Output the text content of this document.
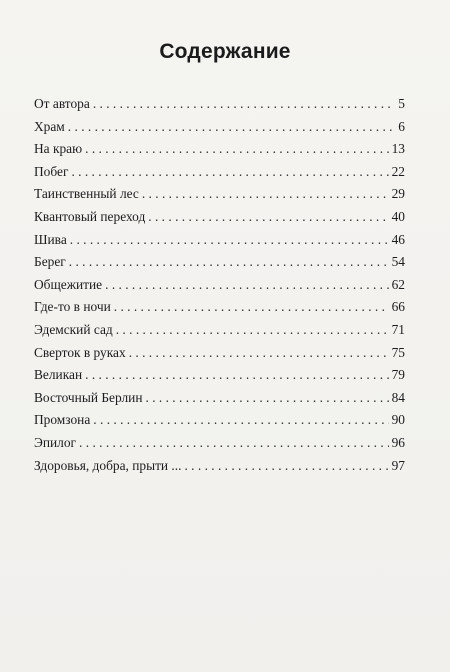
Содержание
От автора . . .	5
Храм . . .	6
На краю . . .	13
Побег . . .	22
Таинственный лес . . .	29
Квантовый переход . . .	40
Шива . . .	46
Берег . . .	54
Общежитие . . .	62
Где-то в ночи . . .	66
Эдемский сад . . .	71
Сверток в руках . . .	75
Великан . . .	79
Восточный Берлин . . .	84
Промзона . . .	90
Эпилог . . .	96
Здоровья, добра, прыти ... . . .	97
